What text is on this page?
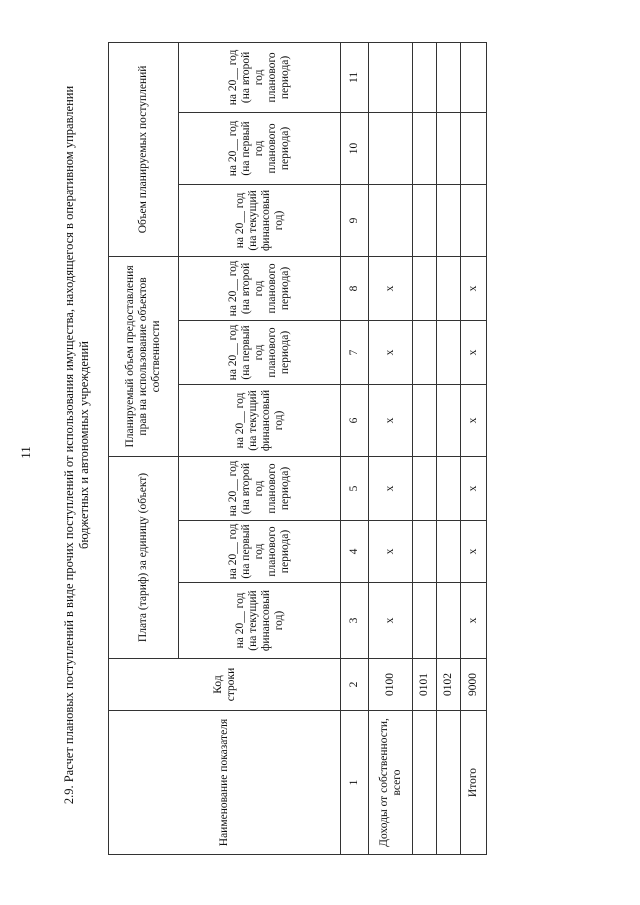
11 2.9. Расчет плановых поступлений в виде прочих поступлений от использования имущества, находящегося в оперативном управлении бюджетных и автономных учреждений
Наименование показателя	Код строки	Плата (тариф) за единицу (объект)			Планируемый объем предоставления прав на использование объектов собственности			Объем планируемых поступлений		
		на 20__ год (на текущий финансовый год)	на 20__ год (на первый год планового периода)	на 20__ год (на второй год планового периода)	на 20__ год (на текущий финансовый год)	на 20__ год (на первый год планового периода)	на 20__ год (на второй год планового периода)	на 20__ год (на текущий финансовый год)	на 20__ год (на первый год планового периода)	на 20__ год (на второй год планового периода)
1	2	3	4	5	6	7	8	9	10	11
Доходы от собственности, всего	0100	x	x	x	x	x	x			
	0101									
	0102									
Итого	9000	x	x	x	x	x	x			
